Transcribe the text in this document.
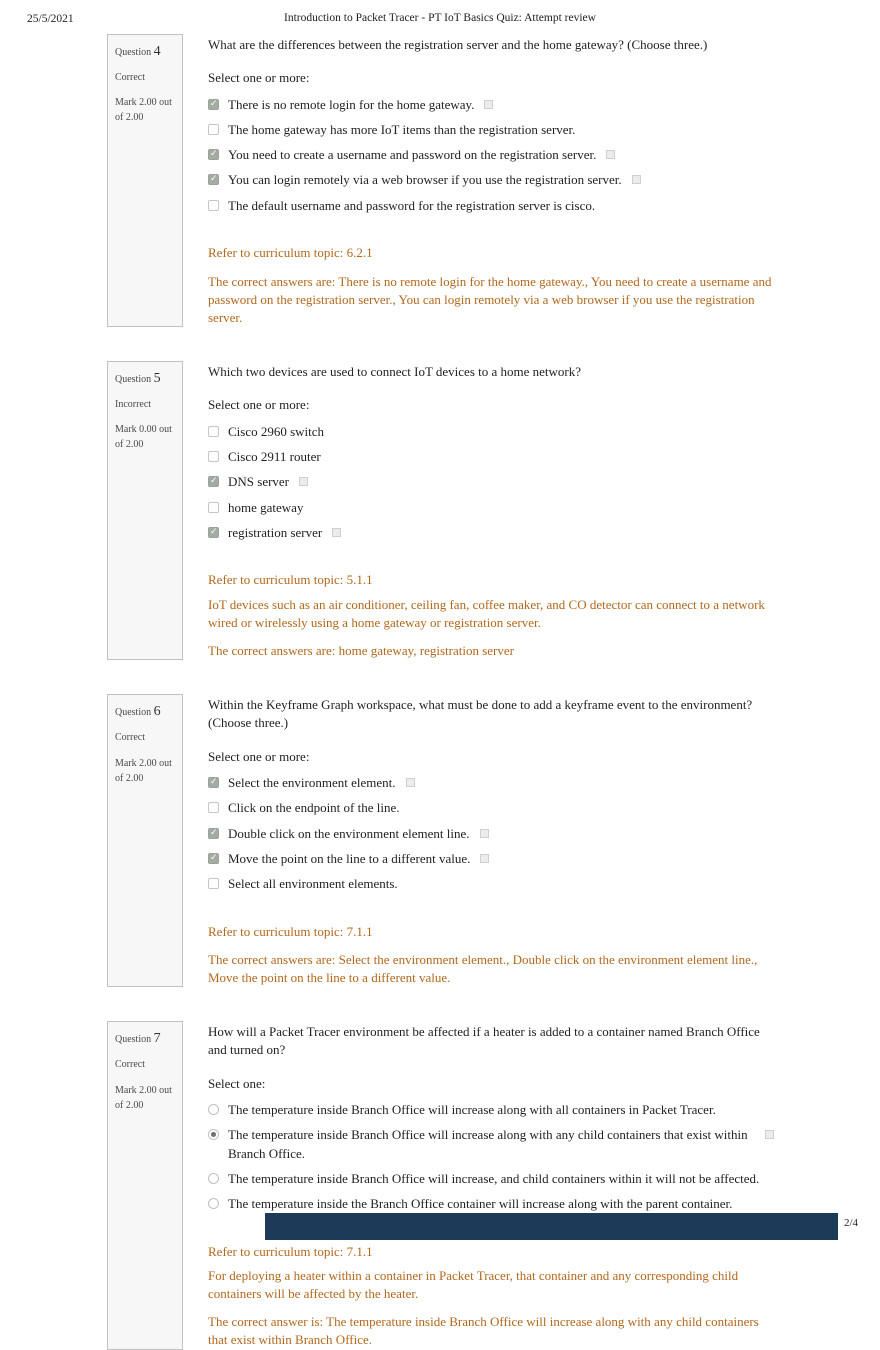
25/5/2021	Introduction to Packet Tracer - PT IoT Basics Quiz: Attempt review
Question 4
Correct
Mark 2.00 out of 2.00
What are the differences between the registration server and the home gateway? (Choose three.)
Select one or more:
✓
There is no remote login for the home gateway.
The home gateway has more IoT items than the registration server.
✓
You need to create a username and password on the registration server.
✓
You can login remotely via a web browser if you use the registration server.
The default username and password for the registration server is cisco.
Refer to curriculum topic: 6.2.1
The correct answers are: There is no remote login for the home gateway., You need to create a username and password on the registration server., You can login remotely via a web browser if you use the registration server.
Question 5
Incorrect
Mark 0.00 out of 2.00
Which two devices are used to connect IoT devices to a home network?
Select one or more:
Cisco 2960 switch
Cisco 2911 router
✓
DNS server
home gateway
✓
registration server
Refer to curriculum topic: 5.1.1
IoT devices such as an air conditioner, ceiling fan, coffee maker, and CO detector can connect to a network wired or wirelessly using a home gateway or registration server.
The correct answers are: home gateway, registration server
Question 6
Correct
Mark 2.00 out of 2.00
Within the Keyframe Graph workspace, what must be done to add a keyframe event to the environment? (Choose three.)
Select one or more:
✓
Select the environment element.
Click on the endpoint of the line.
✓
Double click on the environment element line.
✓
Move the point on the line to a different value.
Select all environment elements.
Refer to curriculum topic: 7.1.1
The correct answers are: Select the environment element., Double click on the environment element line., Move the point on the line to a different value.
Question 7
Correct
Mark 2.00 out of 2.00
How will a Packet Tracer environment be affected if a heater is added to a container named Branch Office and turned on?
Select one:
The temperature inside Branch Office will increase along with all containers in Packet Tracer.
The temperature inside Branch Office will increase along with any child containers that exist within Branch Office.
The temperature inside Branch Office will increase, and child containers within it will not be affected.
The temperature inside the Branch Office container will increase along with the parent container.
Refer to curriculum topic: 7.1.1
For deploying a heater within a container in Packet Tracer, that container and any corresponding child containers will be affected by the heater.
The correct answer is: The temperature inside Branch Office will increase along with any child containers that exist within Branch Office.
2/4
